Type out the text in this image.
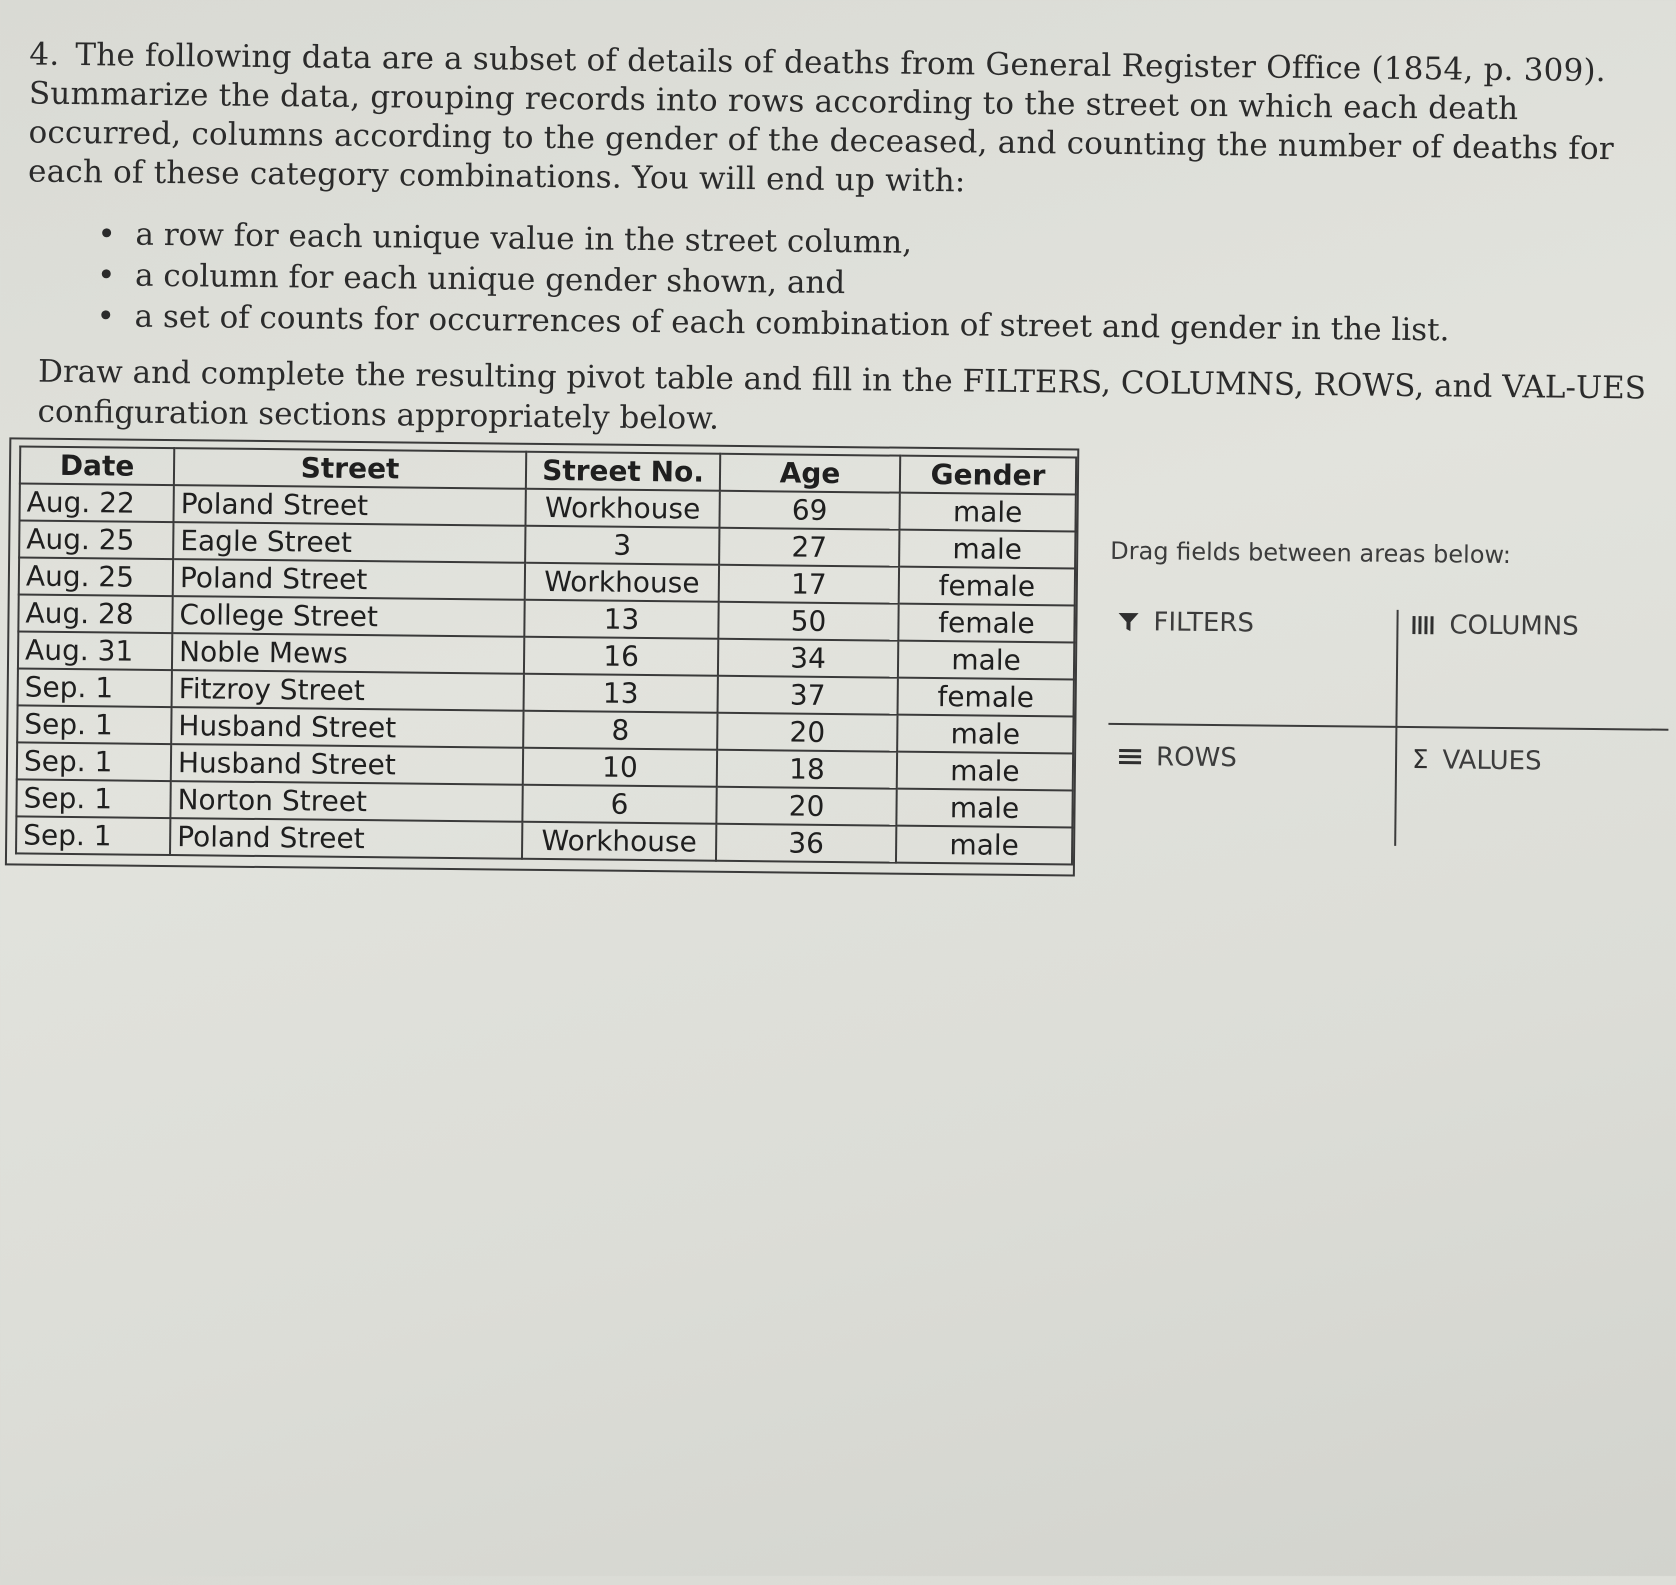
4. The following data are a subset of details of deaths from General Register Office (1854, p. 309). Summarize the data, grouping records into rows according to the street on which each death occurred, columns according to the gender of the deceased, and counting the number of deaths for each of these category combinations. You will end up with:
• a row for each unique value in the street column,
• a column for each unique gender shown, and
• a set of counts for occurrences of each combination of street and gender in the list.
Draw and complete the resulting pivot table and fill in the FILTERS, COLUMNS, ROWS, and VAL-UES configuration sections appropriately below.
Date	Street	Street No.	Age	Gender
Aug. 22	Poland Street	Workhouse	69	male
Aug. 25	Eagle Street	3	27	male
Aug. 25	Poland Street	Workhouse	17	female
Aug. 28	College Street	13	50	female
Aug. 31	Noble Mews	16	34	male
Sep. 1	Fitzroy Street	13	37	female
Sep. 1	Husband Street	8	20	male
Sep. 1	Husband Street	10	18	male
Sep. 1	Norton Street	6	20	male
Sep. 1	Poland Street	Workhouse	36	male
Drag fields between areas below:
FILTERS	COLUMNS
ROWS	Σ VALUES
